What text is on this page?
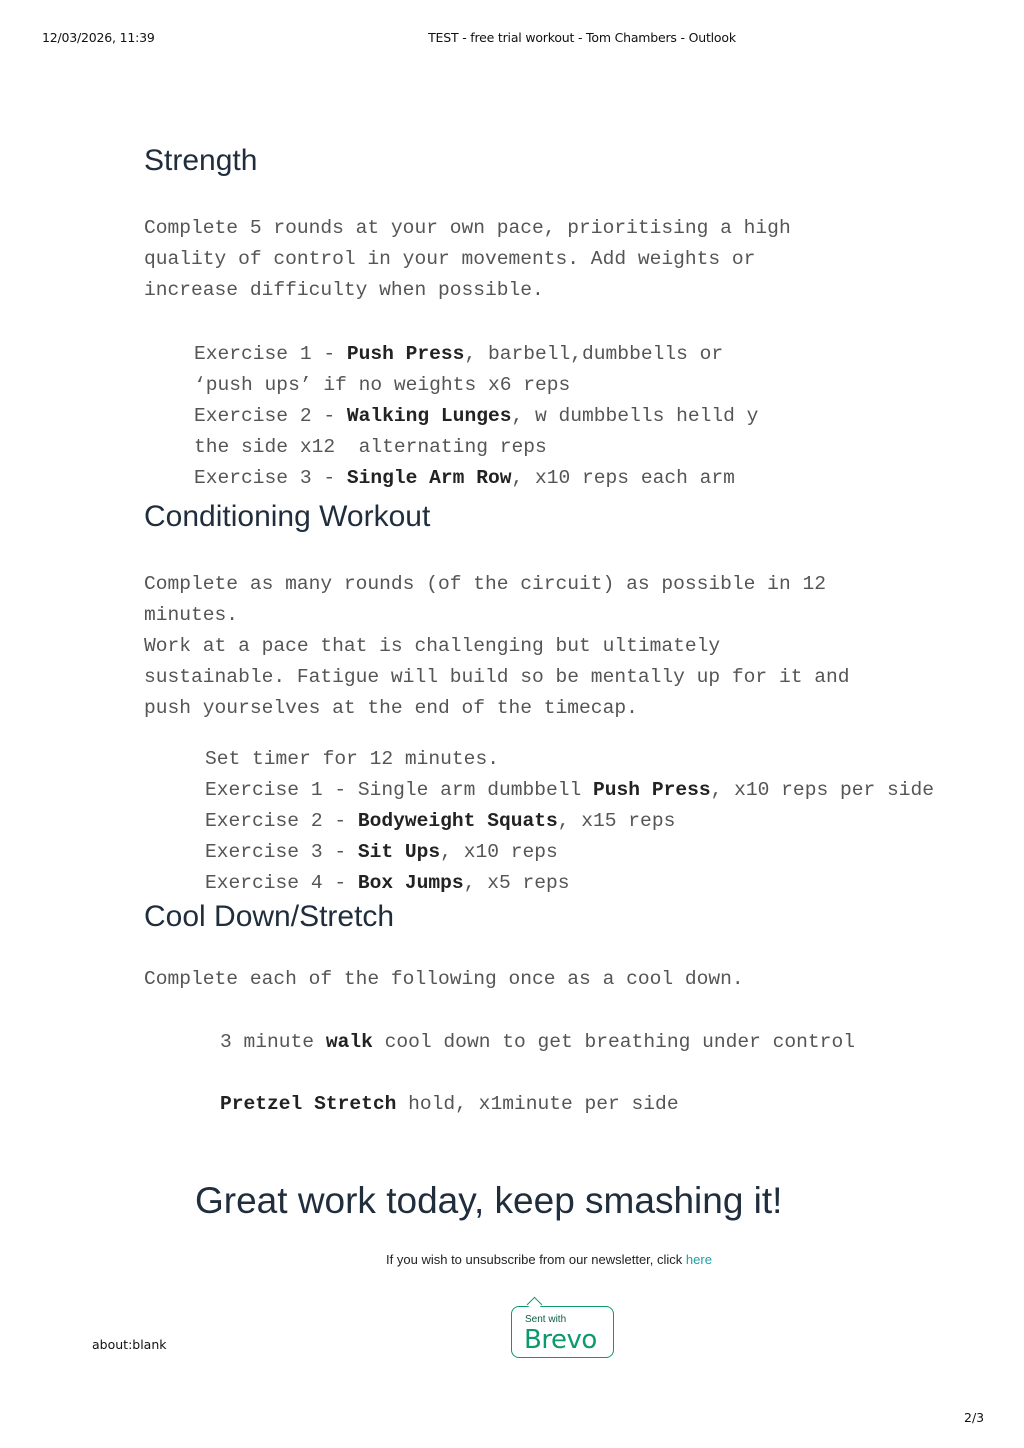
12/03/2026, 11:39	TEST - free trial workout - Tom Chambers - Outlook
Strength

Complete 5 rounds at your own pace, prioritising a high
quality of control in your movements. Add weights or
increase difficulty when possible.

Exercise 1 - Push Press, barbell,dumbbells or
‘push ups’ if no weights x6 reps
Exercise 2 - Walking Lunges, w dumbbells helld y
the side x12  alternating reps
Exercise 3 - Single Arm Row, x10 reps each arm

Conditioning Workout

Complete as many rounds (of the circuit) as possible in 12
minutes.
Work at a pace that is challenging but ultimately
sustainable. Fatigue will build so be mentally up for it and
push yourselves at the end of the timecap.

Set timer for 12 minutes.
Exercise 1 - Single arm dumbbell Push Press, x10 reps per side
Exercise 2 - Bodyweight Squats, x15 reps
Exercise 3 - Sit Ups, x10 reps
Exercise 4 - Box Jumps, x5 reps

Cool Down/Stretch
Complete each of the following once as a cool down.
3 minute walk cool down to get breathing under control
Pretzel Stretch hold, x1minute per side
Great work today, keep smashing it!
If you wish to unsubscribe from our newsletter, click here
Sent with
Brevo
about:blank
2/3
